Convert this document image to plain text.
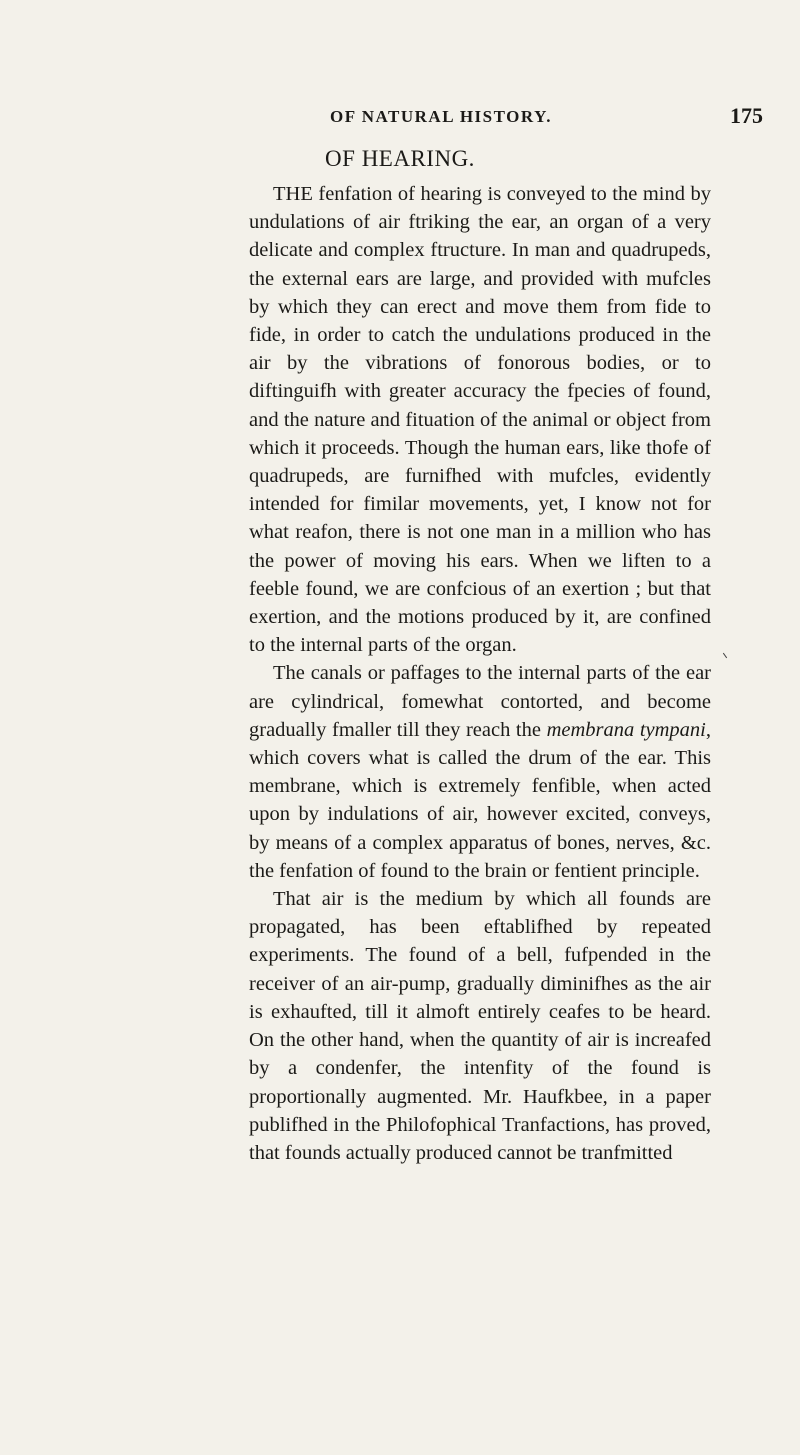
OF NATURAL HISTORY.	175
OF HEARING.

THE fenfation of hearing is conveyed to the mind by undulations of air ftriking the ear, an organ of a very delicate and complex ftructure. In man and quadrupeds, the external ears are large, and provided with mufcles by which they can erect and move them from fide to fide, in order to catch the undulations produced in the air by the vibrations of fonorous bodies, or to diftinguifh with greater accuracy the fpecies of found, and the nature and fituation of the animal or object from which it proceeds. Though the human ears, like thofe of quadrupeds, are furnifhed with mufcles, evidently intended for fimilar movements, yet, I know not for what reafon, there is not one man in a million who has the power of moving his ears. When we liften to a feeble found, we are confcious of an exertion ; but that exertion, and the motions produced by it, are confined to the internal parts of the organ.

The canals or paffages to the internal parts of the ear are cylindrical, fomewhat contorted, and become gradually fmaller till they reach the membrana tympani, which covers what is called the drum of the ear. This membrane, which is extremely fenfible, when acted upon by indulations of air, however excited, conveys, by means of a complex apparatus of bones, nerves, &c. the fenfation of found to the brain or fentient principle.

That air is the medium by which all founds are propagated, has been eftablifhed by repeated experiments. The found of a bell, fufpended in the receiver of an air-pump, gradually diminifhes as the air is exhaufted, till it almoft entirely ceafes to be heard. On the other hand, when the quantity of air is increafed by a condenfer, the intenfity of the found is proportionally augmented. Mr. Haufkbee, in a paper publifhed in the Philofophical Tranfactions, has proved, that founds actually produced cannot be tranfmitted
